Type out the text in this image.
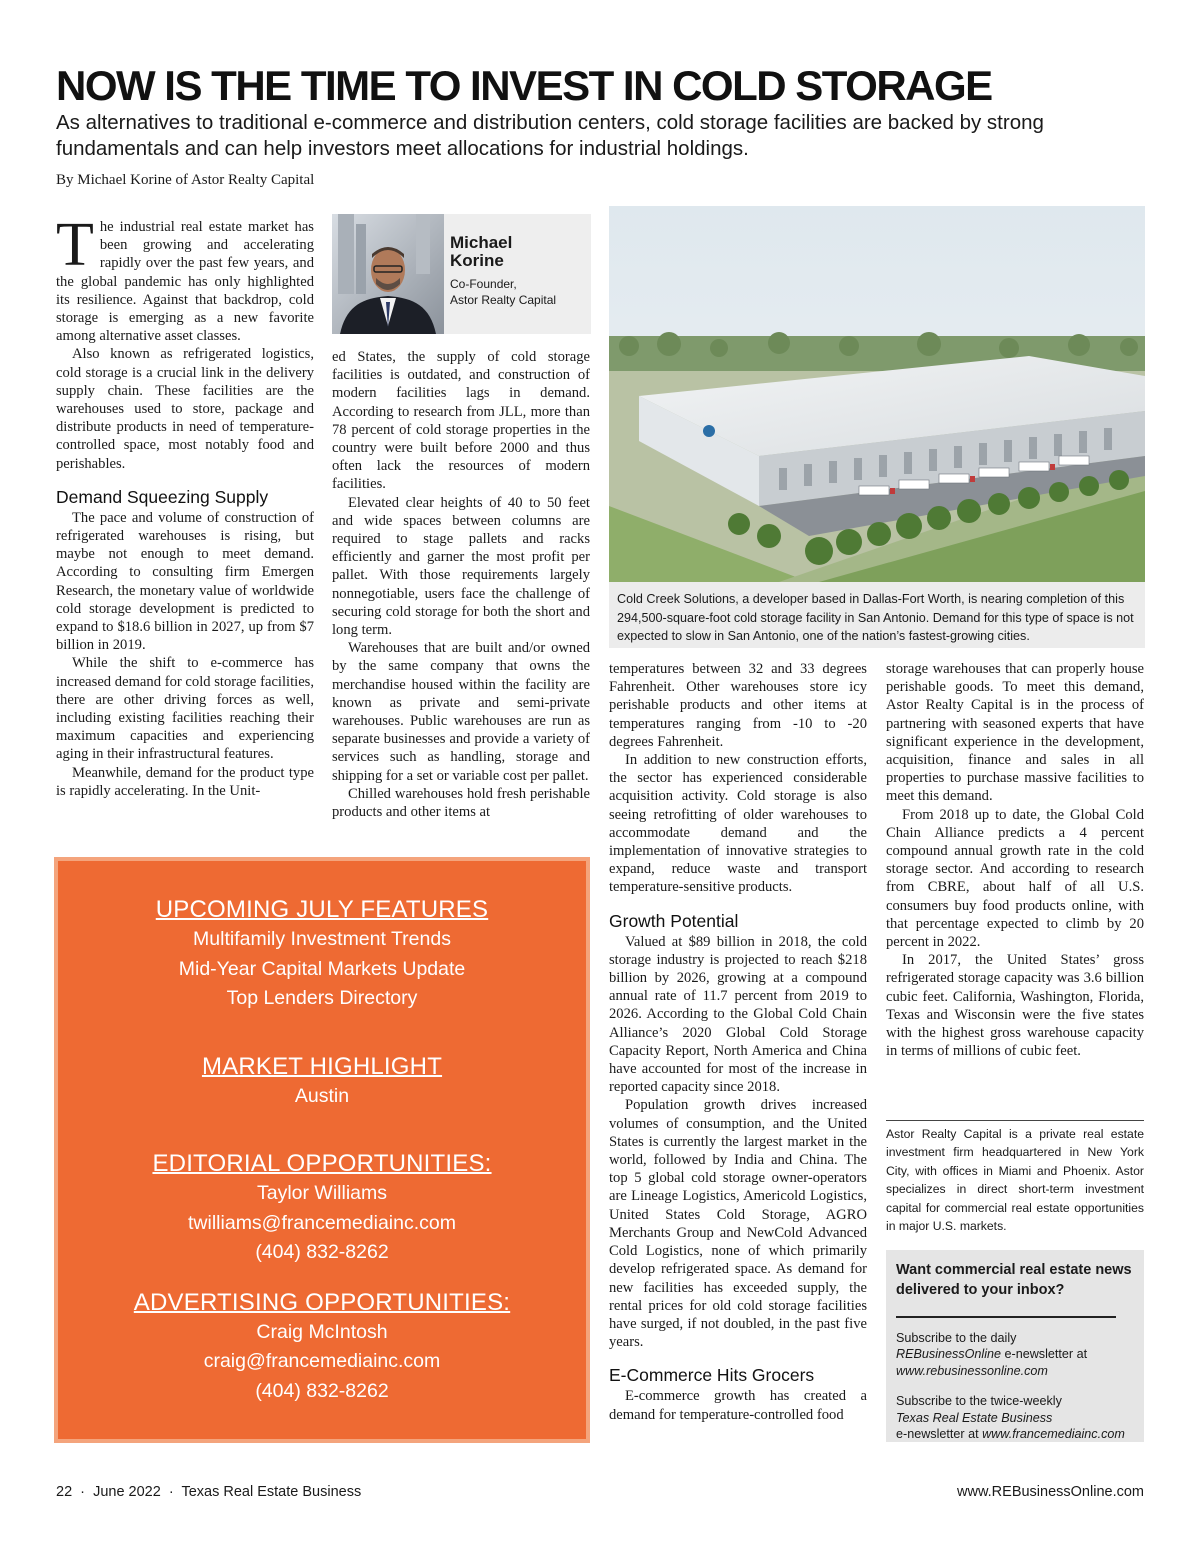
NOW IS THE TIME TO INVEST IN COLD STORAGE
As alternatives to traditional e-commerce and distribution centers, cold storage facilities are backed by strong fundamentals and can help investors meet allocations for industrial holdings.
By Michael Korine of Astor Realty Capital

The industrial real estate market has been growing and accelerating rapidly over the past few years, and the global pandemic has only highlighted its resilience. Against that backdrop, cold storage is emerging as a new favorite among alternative asset classes.

Also known as refrigerated logistics, cold storage is a crucial link in the delivery supply chain. These facilities are the warehouses used to store, package and distribute products in need of temperature-controlled space, most notably food and perishables.

Demand Squeezing Supply

The pace and volume of construction of refrigerated warehouses is rising, but maybe not enough to meet demand. According to consulting firm Emergen Research, the monetary value of worldwide cold storage development is predicted to expand to $18.6 billion in 2027, up from $7 billion in 2019.

While the shift to e-commerce has increased demand for cold storage facilities, there are other driving forces as well, including existing facilities reaching their maximum capacities and experiencing aging in their infrastructural features.

Meanwhile, demand for the product type is rapidly accelerating. In the Unit-

Michael
Korine
Co-Founder,
Astor Realty Capital

ed States, the supply of cold storage facilities is outdated, and construction of modern facilities lags in demand. According to research from JLL, more than 78 percent of cold storage properties in the country were built before 2000 and thus often lack the resources of modern facilities.

Elevated clear heights of 40 to 50 feet and wide spaces between columns are required to stage pallets and racks efficiently and garner the most profit per pallet. With those requirements largely nonnegotiable, users face the challenge of securing cold storage for both the short and long term.

Warehouses that are built and/or owned by the same company that owns the merchandise housed within the facility are known as private and semi-private warehouses. Public warehouses are run as separate businesses and provide a variety of services such as handling, storage and shipping for a set or variable cost per pallet.

Chilled warehouses hold fresh perishable products and other items at

Cold Creek Solutions, a developer based in Dallas-Fort Worth, is nearing completion of this 294,500-square-foot cold storage facility in San Antonio. Demand for this type of space is not expected to slow in San Antonio, one of the nation’s fastest-growing cities.

temperatures between 32 and 33 degrees Fahrenheit. Other warehouses store icy perishable products and other items at temperatures ranging from -10 to -20 degrees Fahrenheit.

In addition to new construction efforts, the sector has experienced considerable acquisition activity. Cold storage is also seeing retrofitting of older warehouses to accommodate demand and the implementation of innovative strategies to expand, reduce waste and transport temperature-sensitive products.

Growth Potential

Valued at $89 billion in 2018, the cold storage industry is projected to reach $218 billion by 2026, growing at a compound annual rate of 11.7 percent from 2019 to 2026. According to the Global Cold Chain Alliance’s 2020 Global Cold Storage Capacity Report, North America and China have accounted for most of the increase in reported capacity since 2018.

Population growth drives increased volumes of consumption, and the United States is currently the largest market in the world, followed by India and China. The top 5 global cold storage owner-operators are Lineage Logistics, Americold Logistics, United States Cold Storage, AGRO Merchants Group and NewCold Advanced Cold Logistics, none of which primarily develop refrigerated space. As demand for new facilities has exceeded supply, the rental prices for old cold storage facilities have surged, if not doubled, in the past five years.

E-Commerce Hits Grocers

E-commerce growth has created a demand for temperature-controlled food

storage warehouses that can properly house perishable goods. To meet this demand, Astor Realty Capital is in the process of partnering with seasoned experts that have significant experience in the development, acquisition, finance and sales in all properties to purchase massive facilities to meet this demand.

From 2018 up to date, the Global Cold Chain Alliance predicts a 4 percent compound annual growth rate in the cold storage sector. And according to research from CBRE, about half of all U.S. consumers buy food products online, with that percentage expected to climb by 20 percent in 2022.

In 2017, the United States’ gross refrigerated storage capacity was 3.6 billion cubic feet. California, Washington, Florida, Texas and Wisconsin were the five states with the highest gross warehouse capacity in terms of millions of cubic feet.

Astor Realty Capital is a private real estate investment firm headquartered in New York City, with offices in Miami and Phoenix. Astor specializes in direct short-term investment capital for commercial real estate opportunities in major U.S. markets.
Want commercial real estate news delivered to your inbox?

Subscribe to the daily
REBusinessOnline e-newsletter at
www.rebusinessonline.com

Subscribe to the twice-weekly
Texas Real Estate Business
e-newsletter at www.francemediainc.com

UPCOMING JULY FEATURES
Multifamily Investment Trends
Mid-Year Capital Markets Update
Top Lenders Directory
MARKET HIGHLIGHT
Austin
EDITORIAL OPPORTUNITIES:
Taylor Williams
twilliams@francemediainc.com
(404) 832-8262
ADVERTISING OPPORTUNITIES:
Craig McIntosh
craig@francemediainc.com
(404) 832-8262
22  ·  June 2022  ·  Texas Real Estate Business	www.REBusinessOnline.com
